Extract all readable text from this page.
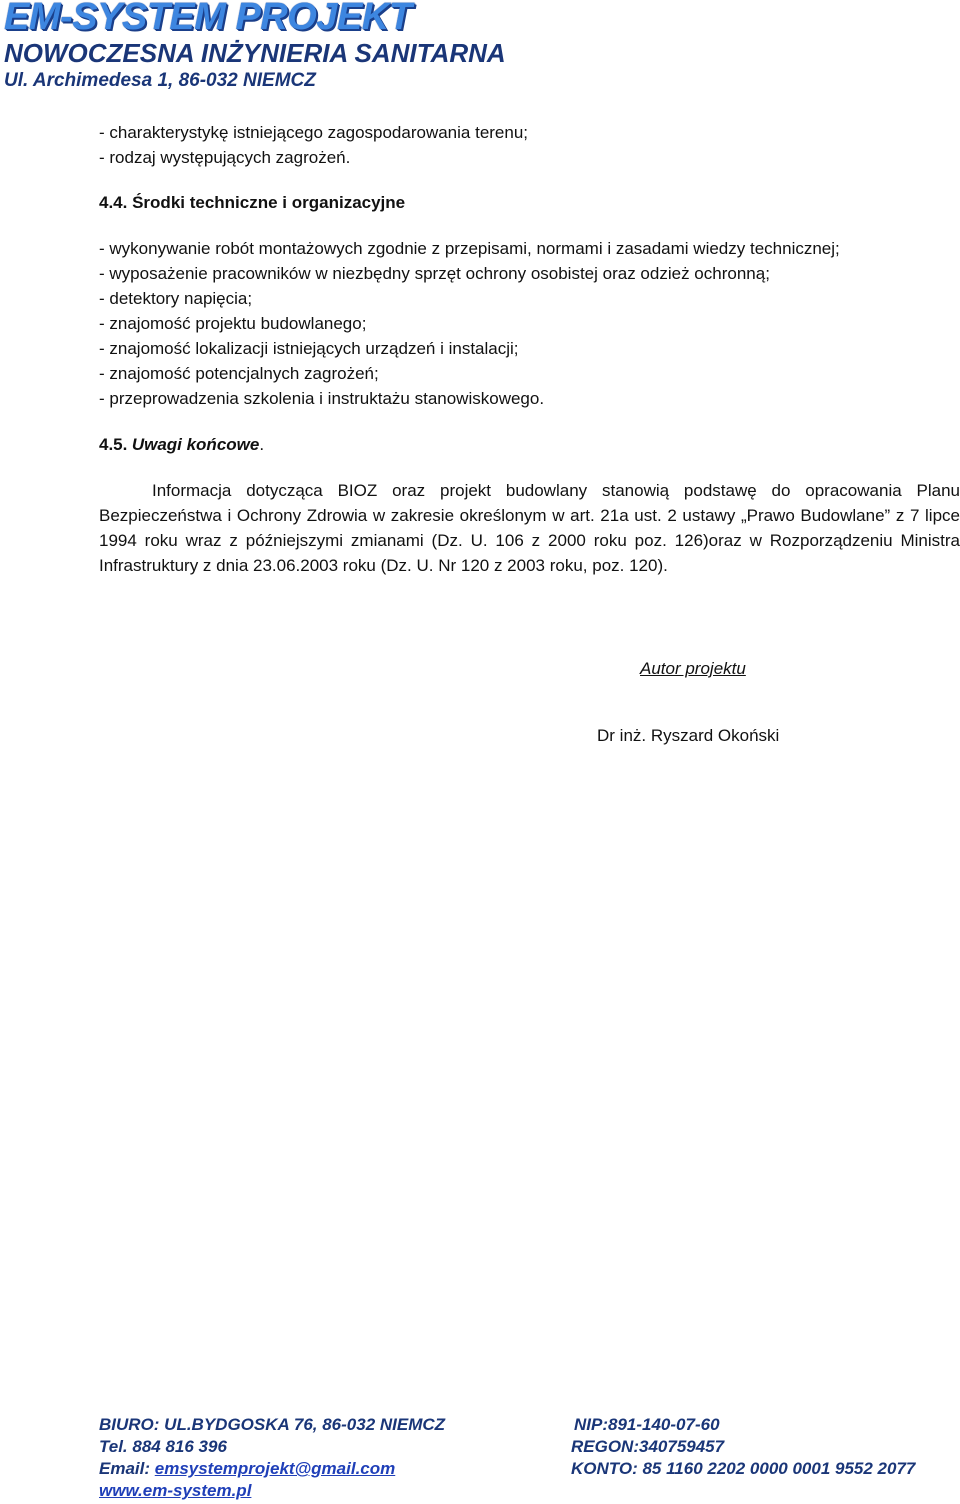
EM-SYSTEM PROJEKT
NOWOCZESNA INŻYNIERIA SANITARNA
Ul. Archimedesa 1, 86-032 NIEMCZ
- charakterystykę istniejącego zagospodarowania terenu;
- rodzaj występujących zagrożeń.
4.4. Środki techniczne i organizacyjne
- wykonywanie robót montażowych zgodnie z przepisami, normami i zasadami wiedzy technicznej;
- wyposażenie pracowników w niezbędny sprzęt ochrony osobistej oraz odzież ochronną;
- detektory napięcia;
- znajomość projektu budowlanego;
- znajomość lokalizacji istniejących urządzeń i instalacji;
- znajomość potencjalnych zagrożeń;
- przeprowadzenia szkolenia i instruktażu stanowiskowego.
4.5. Uwagi końcowe.
Informacja dotycząca BIOZ oraz projekt budowlany stanowią podstawę do opracowania Planu Bezpieczeństwa i Ochrony Zdrowia w zakresie określonym w art. 21a ust. 2 ustawy „Prawo Budowlane” z 7 lipce 1994 roku wraz z późniejszymi zmianami (Dz. U. 106 z 2000 roku poz. 126)oraz w Rozporządzeniu Ministra Infrastruktury z dnia 23.06.2003 roku (Dz. U. Nr 120 z 2003 roku, poz. 120).
Autor projektu
Dr inż. Ryszard Okoński
BIURO: UL.BYDGOSKA 76, 86-032 NIEMCZ	NIP:891-140-07-60
Tel. 884 816 396	REGON:340759457
Email: emsystemprojekt@gmail.com	KONTO: 85 1160 2202 0000 0001 9552 2077
www.em-system.pl
